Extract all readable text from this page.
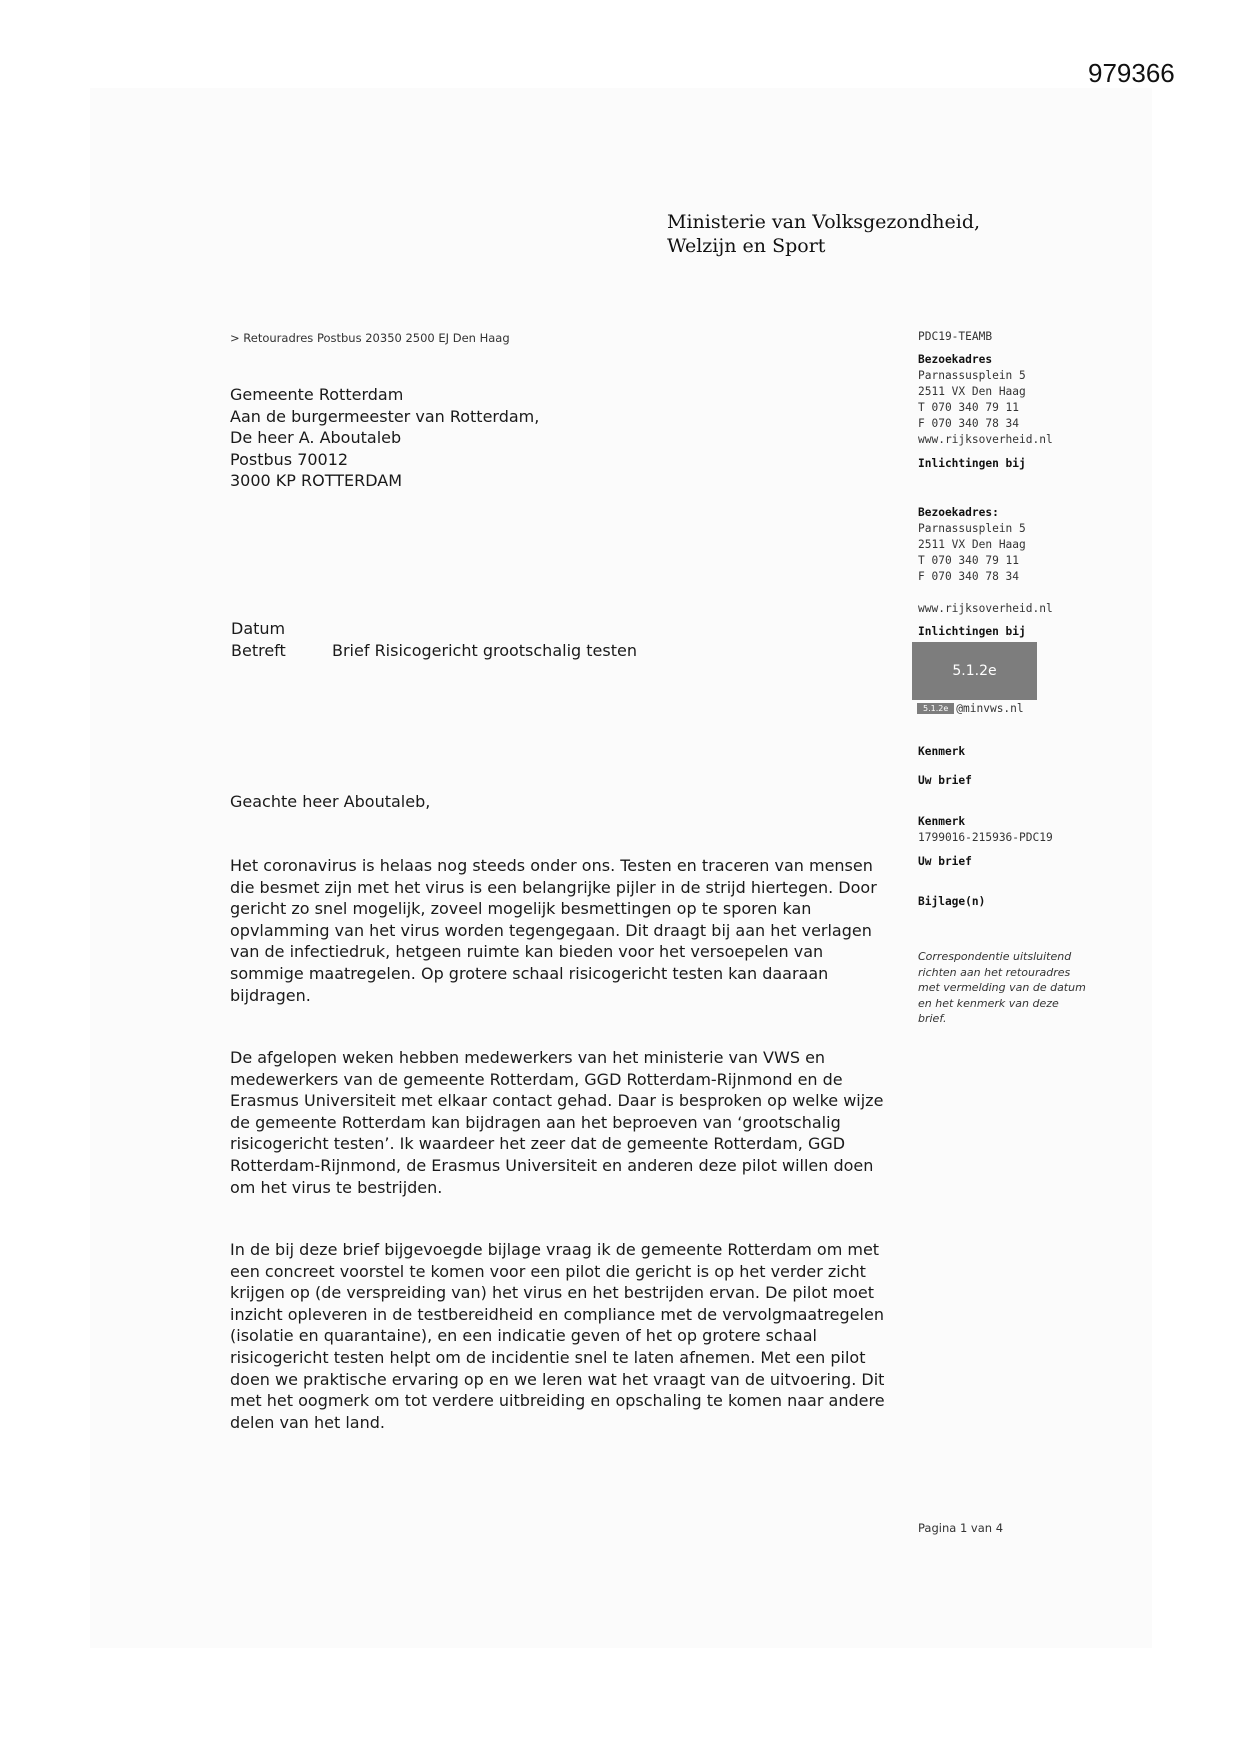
979366
Ministerie van Volksgezondheid,
Welzijn en Sport
> Retouradres Postbus 20350 2500 EJ Den Haag
Gemeente Rotterdam
Aan de burgermeester van Rotterdam,
De heer A. Aboutaleb
Postbus 70012
3000 KP ROTTERDAM
Datum
Betreft	Brief Risicogericht grootschalig testen
Geachte heer Aboutaleb,
Het coronavirus is helaas nog steeds onder ons. Testen en traceren van mensen
die besmet zijn met het virus is een belangrijke pijler in de strijd hiertegen. Door
gericht zo snel mogelijk, zoveel mogelijk besmettingen op te sporen kan
opvlamming van het virus worden tegengegaan. Dit draagt bij aan het verlagen
van de infectiedruk, hetgeen ruimte kan bieden voor het versoepelen van
sommige maatregelen. Op grotere schaal risicogericht testen kan daaraan
bijdragen.
De afgelopen weken hebben medewerkers van het ministerie van VWS en
medewerkers van de gemeente Rotterdam, GGD Rotterdam-Rijnmond en de
Erasmus Universiteit met elkaar contact gehad. Daar is besproken op welke wijze
de gemeente Rotterdam kan bijdragen aan het beproeven van ‘grootschalig
risicogericht testen’. Ik waardeer het zeer dat de gemeente Rotterdam, GGD
Rotterdam-Rijnmond, de Erasmus Universiteit en anderen deze pilot willen doen
om het virus te bestrijden.
In de bij deze brief bijgevoegde bijlage vraag ik de gemeente Rotterdam om met
een concreet voorstel te komen voor een pilot die gericht is op het verder zicht
krijgen op (de verspreiding van) het virus en het bestrijden ervan. De pilot moet
inzicht opleveren in de testbereidheid en compliance met de vervolgmaatregelen
(isolatie en quarantaine), en een indicatie geven of het op grotere schaal
risicogericht testen helpt om de incidentie snel te laten afnemen. Met een pilot
doen we praktische ervaring op en we leren wat het vraagt van de uitvoering. Dit
met het oogmerk om tot verdere uitbreiding en opschaling te komen naar andere
delen van het land.
PDC19-TEAMB
Bezoekadres
Parnassusplein 5
2511 VX Den Haag
T 070 340 79 11
F 070 340 78 34
www.rijksoverheid.nl
Inlichtingen bij
Bezoekadres:
Parnassusplein 5
2511 VX Den Haag
T 070 340 79 11
F 070 340 78 34
www.rijksoverheid.nl
Inlichtingen bij
Kenmerk
Uw brief
Kenmerk
1799016-215936-PDC19
Uw brief
Bijlage(n)
Correspondentie uitsluitend
richten aan het retouradres
met vermelding van de datum
en het kenmerk van deze
brief.
5.1.2e
5.1.2e @minvws.nl
Pagina 1 van 4
